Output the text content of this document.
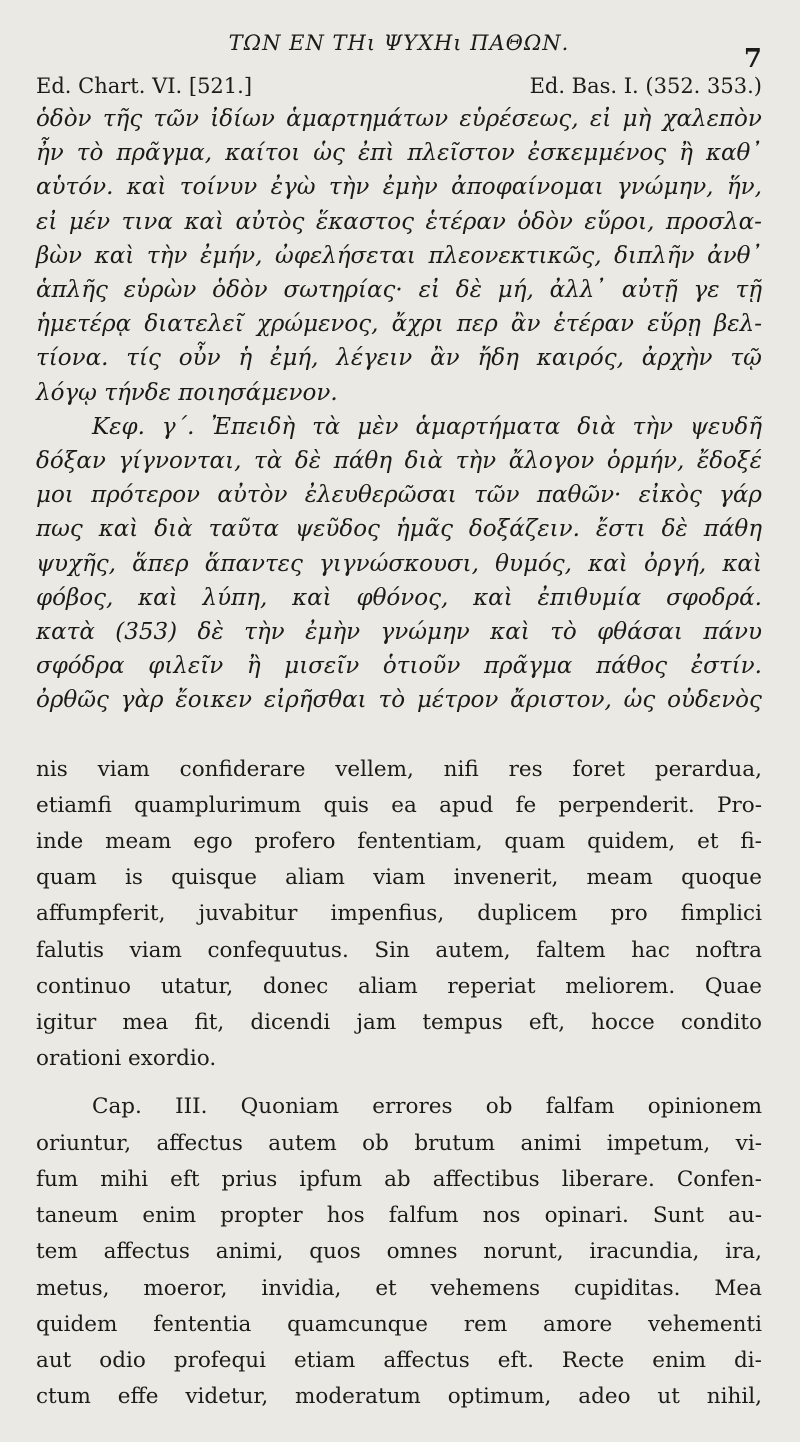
ΤΩΝ ΕΝ ΤΗι ΨΥΧΗι ΠΑΘΩΝ.
7
Ed. Chart. VI. [521.]	Ed. Bas. I. (352. 353.)
ὁδὸν τῆς τῶν ἰδίων ἁμαρτημάτων εὑρέσεως, εἰ μὴ χαλεπὸν
ἦν τὸ πρᾶγμα, καίτοι ὡς ἐπὶ πλεῖστον ἐσκεμμένος ἢ καθ᾽
αὑτόν. καὶ τοίνυν ἐγὼ τὴν ἐμὴν ἀποφαίνομαι γνώμην, ἥν,
εἰ μέν τινα καὶ αὐτὸς ἕκαστος ἑτέραν ὁδὸν εὕροι, προσλα-
βὼν καὶ τὴν ἐμήν, ὠφελήσεται πλεονεκτικῶς, διπλῆν ἀνθ᾽
ἁπλῆς εὑρὼν ὁδὸν σωτηρίας· εἰ δὲ μή, ἀλλ᾽ αὐτῇ γε τῇ
ἡμετέρᾳ διατελεῖ χρώμενος, ἄχρι περ ἂν ἑτέραν εὕρῃ βελ-
τίονα. τίς οὖν ἡ ἐμή, λέγειν ἂν ἤδη καιρός, ἀρχὴν τῷ
λόγῳ τήνδε ποιησάμενον.
Κεφ. γ΄. Ἐπειδὴ τὰ μὲν ἁμαρτήματα διὰ τὴν ψευδῆ
δόξαν γίγνονται, τὰ δὲ πάθη διὰ τὴν ἄλογον ὁρμήν, ἔδοξέ
μοι πρότερον αὐτὸν ἐλευθερῶσαι τῶν παθῶν· εἰκὸς γάρ
πως καὶ διὰ ταῦτα ψεῦδος ἡμᾶς δοξάζειν. ἔστι δὲ πάθη
ψυχῆς, ἅπερ ἅπαντες γιγνώσκουσι, θυμός, καὶ ὀργή, καὶ
φόβος, καὶ λύπη, καὶ φθόνος, καὶ ἐπιθυμία σφοδρά.
κατὰ (353) δὲ τὴν ἐμὴν γνώμην καὶ τὸ φθάσαι πάνυ
σφόδρα φιλεῖν ἢ μισεῖν ὁτιοῦν πρᾶγμα πάθος ἐστίν.
ὀρθῶς γὰρ ἔοικεν εἰρῆσθαι τὸ μέτρον ἄριστον, ὡς οὐδενὸς
nis viam confiderare vellem, nifi res foret perardua,
etiamfi quamplurimum quis ea apud fe perpenderit. Pro-
inde meam ego profero fententiam, quam quidem, et fi-
quam is quisque aliam viam invenerit, meam quoque
affumpferit, juvabitur impenfius, duplicem pro fimplici
falutis viam confequutus. Sin autem, faltem hac noftra
continuo utatur, donec aliam reperiat meliorem. Quae
igitur mea fit, dicendi jam tempus eft, hocce condito
orationi exordio.
Cap. III. Quoniam errores ob falfam opinionem
oriuntur, affectus autem ob brutum animi impetum, vi-
fum mihi eft prius ipfum ab affectibus liberare. Confen-
taneum enim propter hos falfum nos opinari. Sunt au-
tem affectus animi, quos omnes norunt, iracundia, ira,
metus, moeror, invidia, et vehemens cupiditas. Mea
quidem fententia quamcunque rem amore vehementi
aut odio profequi etiam affectus eft. Recte enim di-
ctum effe videtur, moderatum optimum, adeo ut nihil,
